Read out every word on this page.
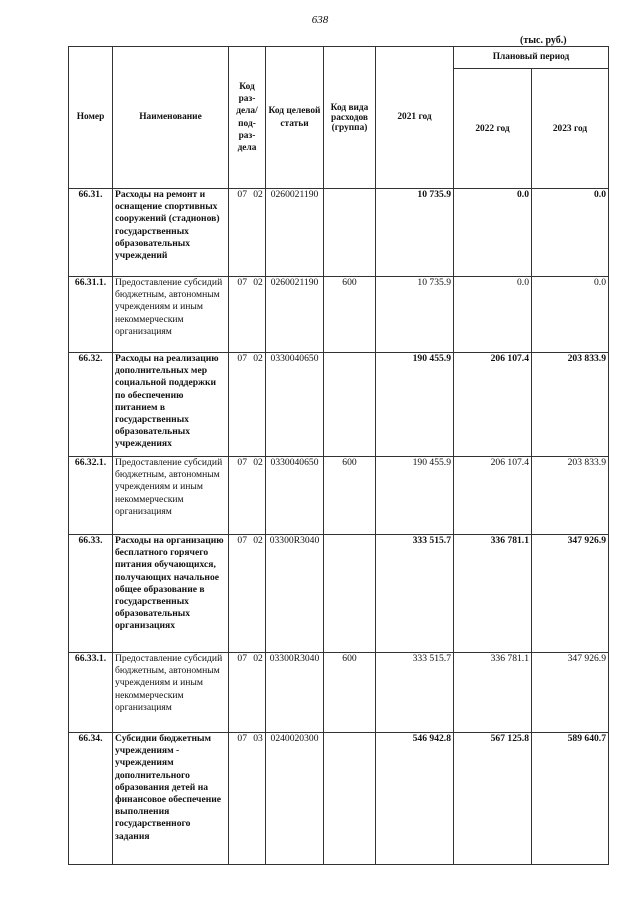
638
(тыс. руб.)
Номер	Наименование	Код раз-дела/ под-раз-дела	Код целевой статьи	Код вида расходов (группа)	2021 год	Плановый период	
						2022 год	2023 год
66.31.	Расходы на ремонт и оснащение спортивных сооружений (стадионов) государственных образовательных учреждений	07 02	0260021190		10 735.9	0.0	0.0
66.31.1.	Предоставление субсидий бюджетным, автономным учреждениям и иным некоммерческим организациям	07 02	0260021190	600	10 735.9	0.0	0.0
66.32.	Расходы на реализацию дополнительных мер социальной поддержки по обеспечению питанием в государственных образовательных учреждениях	07 02	0330040650		190 455.9	206 107.4	203 833.9
66.32.1.	Предоставление субсидий бюджетным, автономным учреждениям и иным некоммерческим организациям	07 02	0330040650	600	190 455.9	206 107.4	203 833.9
66.33.	Расходы на организацию бесплатного горячего питания обучающихся, получающих начальное общее образование в государственных образовательных организациях	07 02	03300R3040		333 515.7	336 781.1	347 926.9
66.33.1.	Предоставление субсидий бюджетным, автономным учреждениям и иным некоммерческим организациям	07 02	03300R3040	600	333 515.7	336 781.1	347 926.9
66.34.	Субсидии бюджетным учреждениям - учреждениям дополнительного образования детей на финансовое обеспечение выполнения государственного задания	07 03	0240020300		546 942.8	567 125.8	589 640.7
